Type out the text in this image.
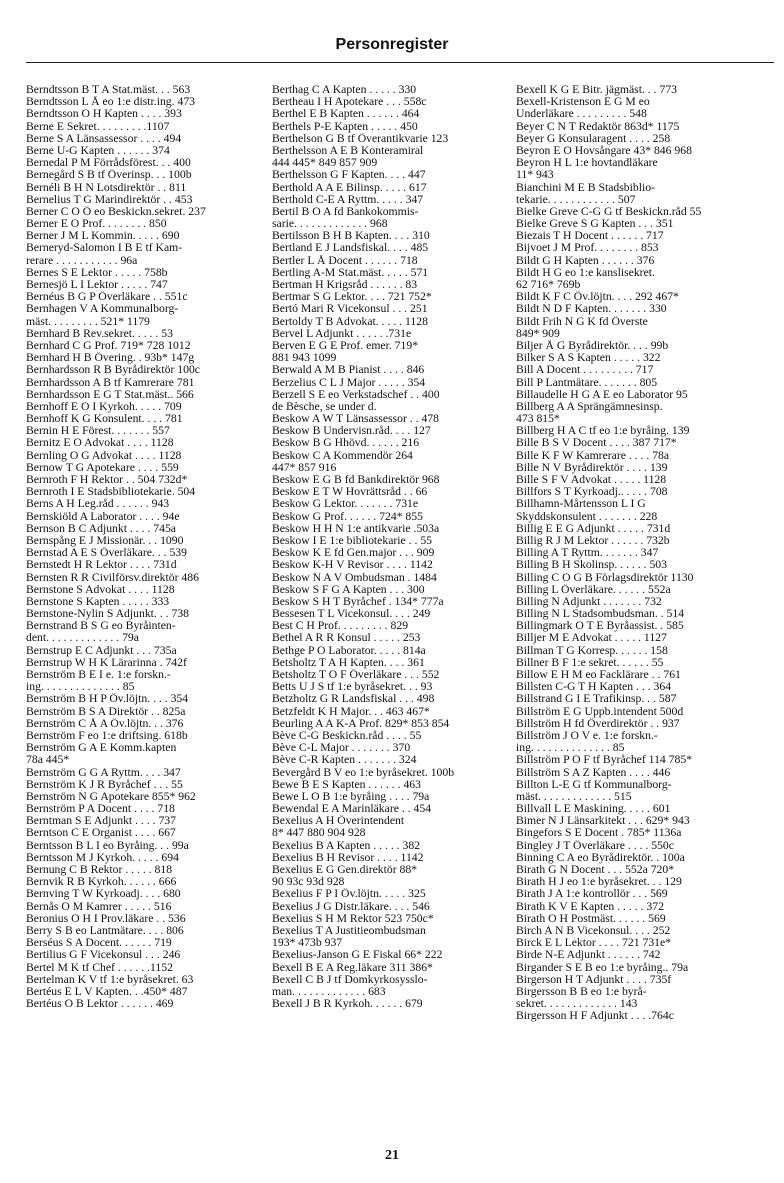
Personregister
Berndtsson B T A Stat.mäst. . . 563
Berndtsson L Å eo 1:e distr.ing. 473
Berndtsson O H Kapten . . . . 393
Berne E Sekret. . . . . . . . .1107
Berne S A Länsassessor . . . . 494
Berne U-G Kapten . . . . . . 374
Bernedal P M Förrådsförest. . . 400
Bernegård S B tf Överinsp. . . 100b
Bernéli B H N Lotsdirektör . . 811
Bernelius T G Marindirektör . . 453
Berner C O Ö eo Beskickn.sekret. 237
Berner E O Prof. . . . . . . . 850
Berner J M L Kommin. . . . . 690
Berneryd-Salomon I B E tf Kam-
rerare . . . . . . . . . . . 96a
Bernes S E Lektor . . . . . 758b
Bernesjö L I Lektor . . . . . 747
Bernéus B G P Överläkare . . 551c
Bernhagen V A Kommunalborg-
mäst. . . . . . . . . 521* 1179
Bernhard B Rev.sekret. . . . . 53
Bernhard C G Prof. 719* 728 1012
Bernhard H B Övering. . 93b* 147g
Bernhardsson R B Byrådirektör 100c
Bernhardsson A B tf Kamrerare 781
Bernhardsson E G T Stat.mäst.. 566
Bernhoff E O I Kyrkoh. . . . . 709
Bernhoff K G Konsulent. . . . 781
Bernin H E Förest. . . . . . . 557
Bernitz E O Advokat . . . . 1128
Bernling O G Advokat . . . . 1128
Bernow T G Apotekare . . . . 559
Bernroth F H Rektor . . 504 732d*
Bernroth I E Stadsbibliotekarie. 504
Berns A H Leg.råd . . . . . . 943
Bernskiöld A Laborator . . . . 94e
Bernson B C Adjunkt . . . . 745a
Bernspång E J Missionär. . . 1090
Bernstad A E S Överläkare. . . 539
Bernstedt H R Lektor . . . . 731d
Bernsten R R Civilförsv.direktör 486
Bernstone S Advokat . . . . 1128
Bernstone S Kapten . . . . . 333
Bernstone-Nylin S Adjunkt. . . 738
Bernstrand B S G eo Byråinten-
dent. . . . . . . . . . . . . 79a
Bernstrup E C Adjunkt . . . 735a
Bernstrup W H K Lärarinna . 742f
Bernström B E I e. 1:e forskn.-
ing. . . . . . . . . . . . . . 85
Bernström B H P Öv.löjtn. . . . 354
Bernström B S A Direktör . . 825a
Bernström C Å A Öv.löjtn. . . 376
Bernström F eo 1:e driftsing. 618b
Bernström G A E Komm.kapten
78a 445*
Bernström G G A Ryttm. . . . 347
Bernström K J R Byråchef . . . 55
Bernström N G Apotekare 855* 962
Bernström P A Docent . . . . 718
Berntman S E Adjunkt . . . . 737
Berntson C E Organist . . . . 667
Berntsson B L I eo Byråing. . . 99a
Berntsson M J Kyrkoh. . . . . 694
Bernung C B Rektor . . . . . 818
Bernvik R B Kyrkoh. . . . . . 666
Bernving T W Kyrkoadj. . . . 680
Bernås O M Kamrer . . . . . 516
Beronius O H I Prov.läkare . . 536
Berry S B eo Lantmätare. . . . 806
Berséus S A Docent. . . . . . 719
Bertilius G F Vicekonsul . . . 246
Bertel M K tf Chef . . . . . .1152
Bertelman K V tf 1:e byråsekret. 63
Bertéus E L V Kapten. . .450* 487
Bertéus O B Lektor . . . . . . 469
Berthag C A Kapten . . . . . 330
Bertheau I H Apotekare . . . 558c
Berthel E B Kapten . . . . . . 464
Berthels P-E Kapten . . . . . 450
Berthelson G B tf Överantikvarie 123
Berthelsson A E B Konteramiral
444 445* 849 857 909
Berthelsson G F Kapten. . . . 447
Berthold A A E Bilinsp. . . . . 617
Berthold C-E A Ryttm. . . . . 347
Bertil B O A fd Bankokommis-
sarie. . . . . . . . . . . . . 968
Bertilsson B H B Kapten. . . . 310
Bertland E J Landsfiskal. . . . 485
Bertler L Å Docent . . . . . . 718
Bertling A-M Stat.mäst. . . . . 571
Bertman H Krigsråd . . . . . . 83
Bertmar S G Lektor. . . . 721 752*
Bertó Mari R Vicekonsul . . . 251
Bertoldy T B Advokat. . . . . 1128
Bervel L Adjunkt . . . . . .731e
Berven E G E Prof. emer. 719*
881 943 1099
Berwald A M B Pianist . . . . 846
Berzelius C L J Major . . . . . 354
Berzell S E eo Verkstadschef . . 400
de Bèsche, se under d.
Beskow A W T Länsassessor . . 478
Beskow B Undervisn.råd. . . . 127
Beskow B G Hhövd. . . . . . 216
Beskow C A Kommendör 264
447* 857 916
Beskow E G B fd Bankdirektör 968
Beskow E T W Hovrättsråd . . 66
Beskow G Lektor. . . . . . . 731e
Beskow G Prof. . . . . . 724* 855
Beskow H H N 1:e antikvarie .503a
Beskow I E 1:e bibliotekarie . . 55
Beskow K E fd Gen.major . . . 909
Beskow K-H V Revisor . . . . 1142
Beskow N A V Ombudsman . 1484
Beskow S F G A Kapten . . . 300
Beskow S H T Byråchef . 134* 777a
Bessesen T L Vicekonsul. . . . 249
Best C H Prof. . . . . . . . . 829
Bethel A R R Konsul . . . . . 253
Bethge P O Laborator. . . . . 814a
Betsholtz T A H Kapten. . . . 361
Betsholtz T O F Överläkare . . . 552
Betts U J S tf 1:e byråsekret. . . 93
Betzholtz G R Landsfiskal . . . 498
Betzfeldt K H Major. . . 463 467*
Beurling A A K-A Prof. 829* 853 854
Bève C-G Beskickn.råd . . . . 55
Bève C-L Major . . . . . . . 370
Bève C-R Kapten . . . . . . . 324
Bevergård B V eo 1:e byråsekret. 100b
Bewe B E S Kapten . . . . . . 463
Bewe L O B 1:e byråing . . . . 79a
Bewendal E A Marinläkare . . 454
Bexelius A H Överintendent
8* 447 880 904 928
Bexelius B A Kapten . . . . . 382
Bexelius B H Revisor . . . . 1142
Bexelius E G Gen.direktör 88*
90 93c 93d 928
Bexelius F P I Öv.löjtn. . . . . 325
Bexelius J G Distr.läkare. . . . 546
Bexelius S H M Rektor 523 750c*
Bexelius T A Justitieombudsman
193* 473b 937
Bexelius-Janson G E Fiskal 66* 222
Bexell B E A Reg.läkare 311 386*
Bexell C B J tf Domkyrkosysslo-
man. . . . . . . . . . . . . 683
Bexell J B R Kyrkoh. . . . . . 679
Bexell K G E Bitr. jägmäst. . . 773
Bexell-Kristenson E G M eo
Underläkare . . . . . . . . . 548
Beyer C N T Redaktör 863d* 1175
Beyer G Konsularagent . . . . 258
Beyron E O Hovsångare 43* 846 968
Beyron H L 1:e hovtandläkare
11* 943
Bianchini M E B Stadsbiblio-
tekarie. . . . . . . . . . . . 507
Bielke Greve C-G G tf Beskickn.råd 55
Bielke Greve S G Kapten . . . 351
Biezais T H Docent . . . . . . 717
Bijvoet J M Prof. . . . . . . . 853
Bildt G H Kapten . . . . . . 376
Bildt H G eo 1:e kanslisekret.
62 716* 769b
Bildt K F C Öv.löjtn. . . . 292 467*
Bildt N D F Kapten. . . . . . . 330
Bildt Frih N G K fd Överste
849* 909
Biljer Å G Byrådirektör. . . . 99b
Bilker S A S Kapten . . . . . 322
Bill A Docent . . . . . . . . . 717
Bill P Lantmätare. . . . . . . 805
Billaudelle H G A E eo Laborator 95
Billberg A A Sprängämnesinsp.
473 815*
Billberg H A C tf eo 1:e byråing. 139
Bille B S V Docent . . . . 387 717*
Bille K F W Kamrerare . . . . 78a
Bille N V Byrådirektör . . . . 139
Bille S F V Advokat . . . . . 1128
Billfors S T Kyrkoadj.. . . . . 708
Billhamn-Mårtensson L I G
Skyddskonsulent . . . . . . . 228
Billig E E G Adjunkt . . . . . 731d
Billig R J M Lektor . . . . . . 732b
Billing A T Ryttm. . . . . . . 347
Billing B H Skolinsp. . . . . . 503
Billing C O G B Förlagsdirektör 1130
Billing L Överläkare. . . . . . 552a
Billing N Adjunkt . . . . . . . 732
Billing N L Stadsombudsman. . 514
Billingmark O T E Byråassist. . 585
Billjer M E Advokat . . . . . 1127
Billman T G Korresp. . . . . . 158
Billner B F 1:e sekret. . . . . . 55
Billow E H M eo Facklärare . . 761
Billsten C-G T H Kapten . . . 364
Billstrand G I E Trafikinsp. . . 587
Billström E G Uppb.intendent 500d
Billström H fd Överdirektör . . 937
Billström J O V e. 1:e forskn.-
ing. . . . . . . . . . . . . . 85
Billström P O F tf Byråchef 114 785*
Billström S A Z Kapten . . . . 446
Billton L-E G tf Kommunalborg-
mäst. . . . . . . . . . . . . 515
Billvall L E Maskining. . . . . 601
Bimer N J Länsarkitekt . . . 629* 943
Bingefors S E Docent . 785* 1136a
Bingley J T Överläkare . . . . 550c
Binning C A eo Byrådirektör. . 100a
Birath G N Docent . . . 552a 720*
Birath H J eo 1:e byråsekret. . . 129
Birath J A 1:e kontrollör . . . 569
Birath K V E Kapten . . . . . 372
Birath O H Postmäst. . . . . . 569
Birch A N B Vicekonsul. . . . 252
Birck E L Lektor . . . . 721 731e*
Birde N-E Adjunkt . . . . . . 742
Birgander S E B eo 1:e byråing.. 79a
Birgerson H T Adjunkt . . . . 735f
Birgersson B B eo 1:e byrå-
sekret. . . . . . . . . . . . . 143
Birgersson H F Adjunkt . . . .764c
21
